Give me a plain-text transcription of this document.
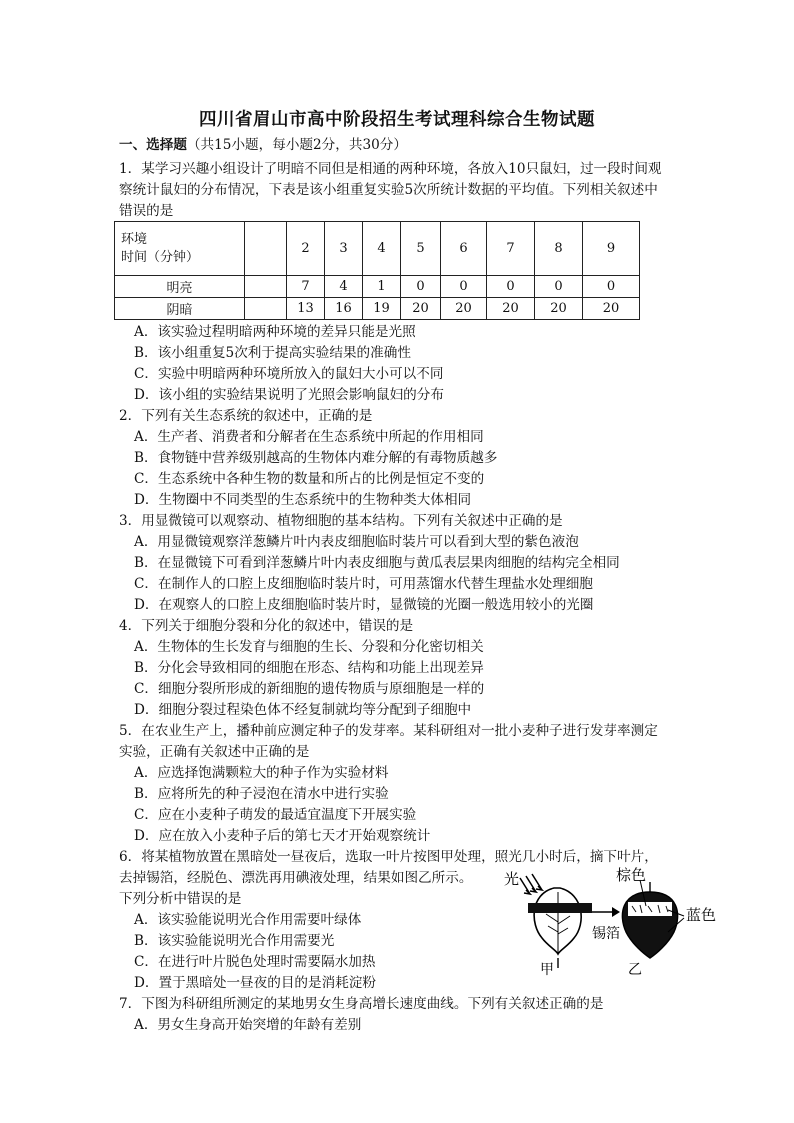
四川省眉山市高中阶段招生考试理科综合生物试题
一、选择题（共15小题，每小题2分，共30分）
1．某学习兴趣小组设计了明暗不同但是相通的两种环境，各放入10只鼠妇，过一段时间观
察统计鼠妇的分布情况，下表是该小组重复实验5次所统计数据的平均值。下列相关叙述中
错误的是
环境
时间（分钟）		2	3	4	5	6	7	8	9
明亮		7	4	1	0	0	0	0	0
阴暗		13	16	19	20	20	20	20	20
A．该实验过程明暗两种环境的差异只能是光照
B．该小组重复5次利于提高实验结果的准确性
C．实验中明暗两种环境所放入的鼠妇大小可以不同
D．该小组的实验结果说明了光照会影响鼠妇的分布
2．下列有关生态系统的叙述中，正确的是
A．生产者、消费者和分解者在生态系统中所起的作用相同
B．食物链中营养级别越高的生物体内难分解的有毒物质越多
C．生态系统中各种生物的数量和所占的比例是恒定不变的
D．生物圈中不同类型的生态系统中的生物种类大体相同
3．用显微镜可以观察动、植物细胞的基本结构。下列有关叙述中正确的是
A．用显微镜观察洋葱鳞片叶内表皮细胞临时装片可以看到大型的紫色液泡
B．在显微镜下可看到洋葱鳞片叶内表皮细胞与黄瓜表层果肉细胞的结构完全相同
C．在制作人的口腔上皮细胞临时装片时，可用蒸馏水代替生理盐水处理细胞
D．在观察人的口腔上皮细胞临时装片时，显微镜的光圈一般选用较小的光圈
4．下列关于细胞分裂和分化的叙述中，错误的是
A．生物体的生长发育与细胞的生长、分裂和分化密切相关
B．分化会导致相同的细胞在形态、结构和功能上出现差异
C．细胞分裂所形成的新细胞的遗传物质与原细胞是一样的
D．细胞分裂过程染色体不经复制就均等分配到子细胞中
5．在农业生产上，播种前应测定种子的发芽率。某科研组对一批小麦种子进行发芽率测定
实验，正确有关叙述中正确的是
A．应选择饱满颗粒大的种子作为实验材料
B．应将所先的种子浸泡在清水中进行实验
C．应在小麦种子萌发的最适宜温度下开展实验
D．应在放入小麦种子后的第七天才开始观察统计
6．将某植物放置在黑暗处一昼夜后，选取一叶片按图甲处理，照光几小时后，摘下叶片，
去掉锡箔，经脱色、漂洗再用碘液处理，结果如图乙所示。
下列分析中错误的是
A．该实验能说明光合作用需要叶绿体
B．该实验能说明光合作用需要光
C．在进行叶片脱色处理时需要隔水加热
D．置于黑暗处一昼夜的目的是消耗淀粉
光
锡箔
甲
棕色
蓝色
乙
7．下图为科研组所测定的某地男女生身高增长速度曲线。下列有关叙述正确的是
A．男女生身高开始突增的年龄有差别
